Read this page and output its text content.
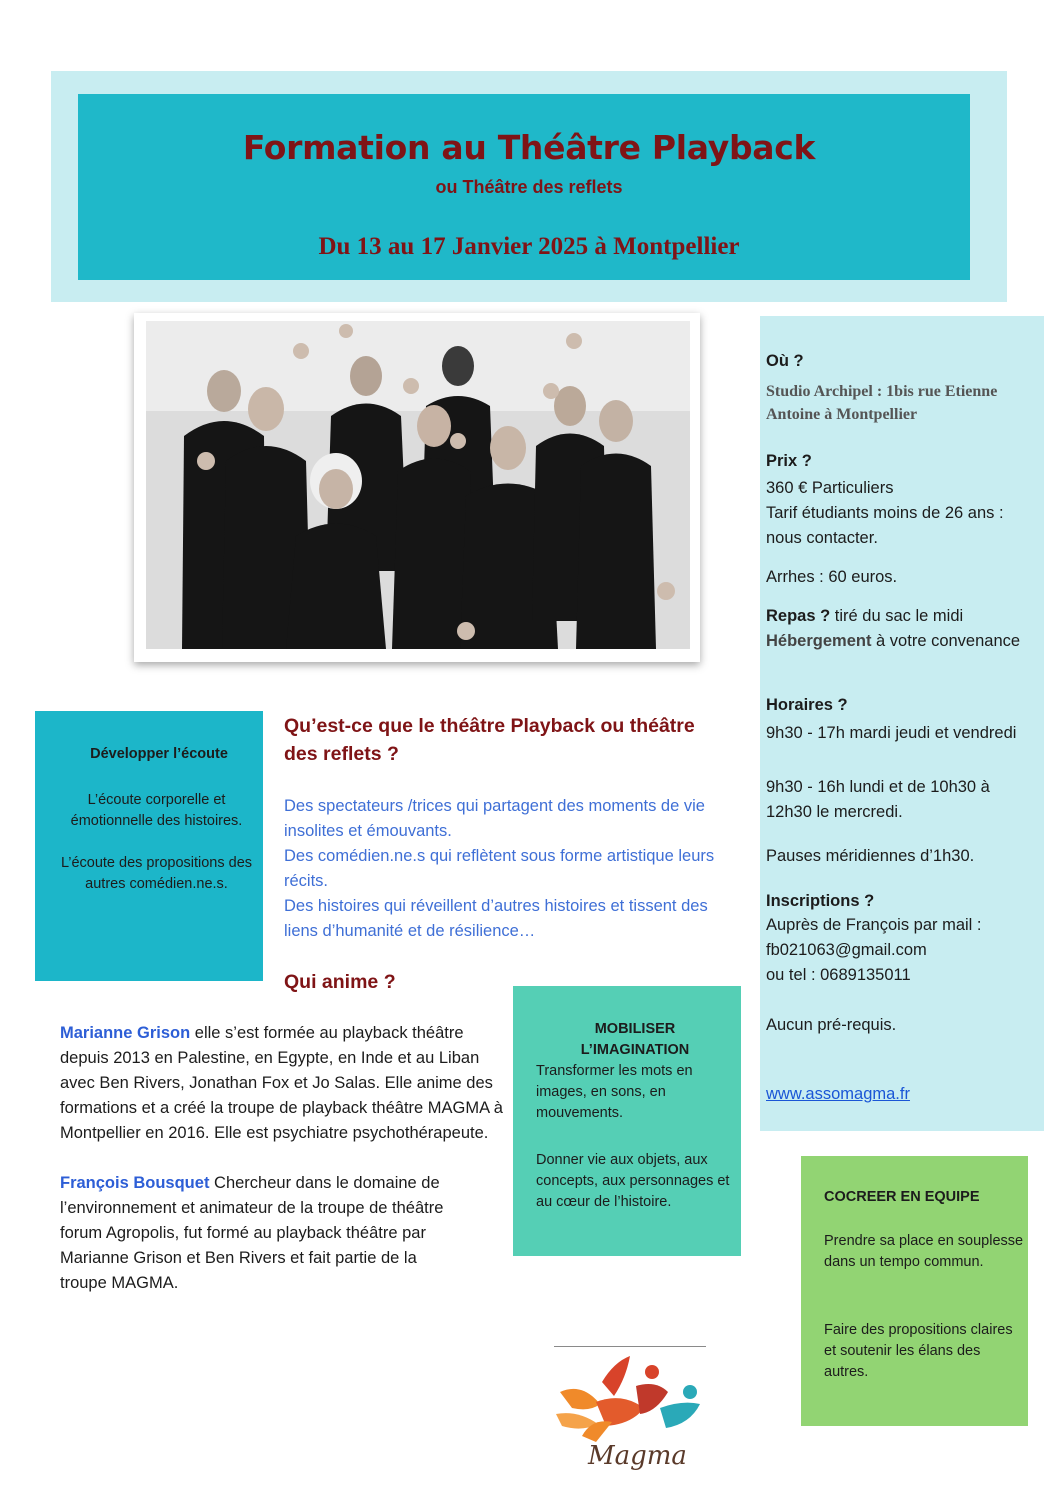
Formation au Théâtre Playback
ou Théâtre des reflets
Du 13 au 17 Janvier 2025 à Montpellier
Où ?
Studio Archipel : 1bis rue Etienne Antoine à Montpellier
Prix ?
360 € Particuliers
Tarif étudiants moins de 26 ans : nous contacter.
Arrhes : 60 euros.
Repas ? tiré du sac le midi
Hébergement à votre convenance
Horaires ?
9h30 - 17h mardi jeudi et vendredi
9h30 - 16h lundi et de 10h30 à 12h30 le mercredi.
Pauses méridiennes d’1h30.
Inscriptions ?
Auprès de François par mail :
fb021063@gmail.com
ou tel : 0689135011
Aucun pré-requis.
www.assomagma.fr
Développer l’écoute
L’écoute corporelle et émotionnelle des histoires.
L’écoute des propositions des autres comédien.ne.s.
Qu’est-ce que le théâtre Playback ou théâtre des reflets ?
Des spectateurs /trices qui partagent des moments de vie insolites et émouvants.
Des comédien.ne.s qui reflètent sous forme artistique leurs récits.
Des histoires qui réveillent d’autres histoires et tissent des liens d’humanité et de résilience…
Qui anime ?
Marianne Grison elle s’est formée au playback théâtre depuis 2013 en Palestine, en Egypte, en Inde et au Liban avec Ben Rivers, Jonathan Fox et Jo Salas. Elle anime des formations et a créé la troupe de playback théâtre MAGMA à Montpellier en 2016. Elle est psychiatre psychothérapeute.
François Bousquet Chercheur dans le domaine de l’environnement et animateur de la troupe de théâtre forum Agropolis, fut formé au playback théâtre par Marianne Grison et Ben Rivers et fait partie de la troupe MAGMA.
MOBILISER L’IMAGINATION
Transformer les mots en images, en sons, en mouvements.
Donner vie aux objets, aux concepts, aux personnages et au cœur de l’histoire.	COCREER EN EQUIPE
Prendre sa place en souplesse dans un tempo commun.
Faire des propositions claires et soutenir les élans des autres.
Magma
